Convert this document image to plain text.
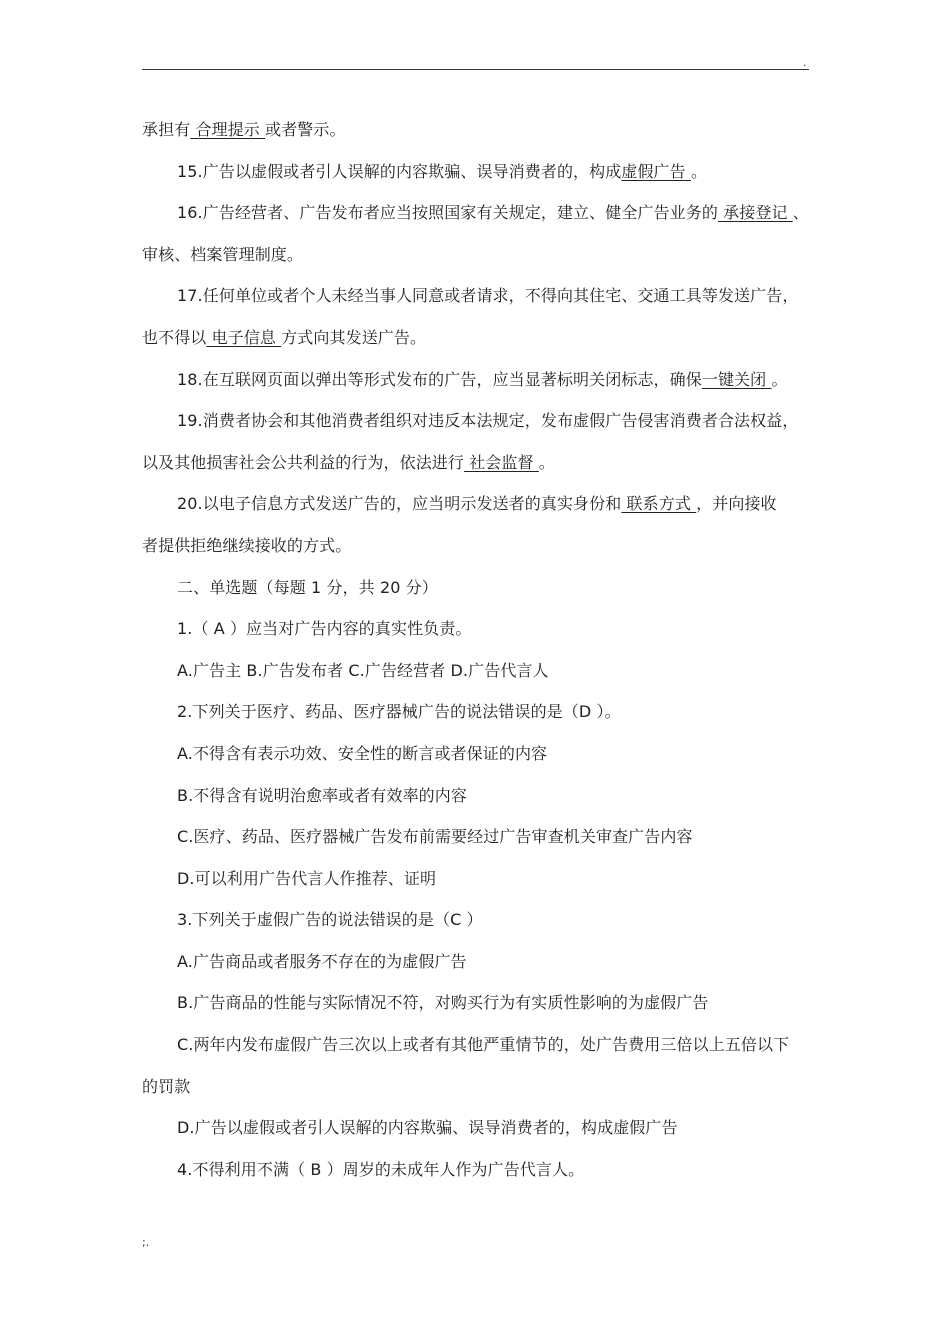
.
承担有 合理提示 或者警示。
15.广告以虚假或者引人误解的内容欺骗、误导消费者的，构成虚假广告 。
16.广告经营者、广告发布者应当按照国家有关规定，建立、健全广告业务的 承接登记 、
审核、档案管理制度。
17.任何单位或者个人未经当事人同意或者请求，不得向其住宅、交通工具等发送广告，
也不得以 电子信息 方式向其发送广告。
18.在互联网页面以弹出等形式发布的广告，应当显著标明关闭标志，确保一键关闭 。
19.消费者协会和其他消费者组织对违反本法规定，发布虚假广告侵害消费者合法权益，
以及其他损害社会公共利益的行为，依法进行 社会监督 。
20.以电子信息方式发送广告的，应当明示发送者的真实身份和 联系方式 ，并向接收
者提供拒绝继续接收的方式。
二、单选题（每题 1 分，共 20 分）
1.（ A ）应当对广告内容的真实性负责。
A.广告主 B.广告发布者 C.广告经营者 D.广告代言人
2.下列关于医疗、药品、医疗器械广告的说法错误的是（D ）。
A.不得含有表示功效、安全性的断言或者保证的内容
B.不得含有说明治愈率或者有效率的内容
C.医疗、药品、医疗器械广告发布前需要经过广告审查机关审查广告内容
D.可以利用广告代言人作推荐、证明
3.下列关于虚假广告的说法错误的是（C ）
A.广告商品或者服务不存在的为虚假广告
B.广告商品的性能与实际情况不符，对购买行为有实质性影响的为虚假广告
C.两年内发布虚假广告三次以上或者有其他严重情节的，处广告费用三倍以上五倍以下
的罚款
D.广告以虚假或者引人误解的内容欺骗、误导消费者的，构成虚假广告
4.不得利用不满（ B ）周岁的未成年人作为广告代言人。
;.
